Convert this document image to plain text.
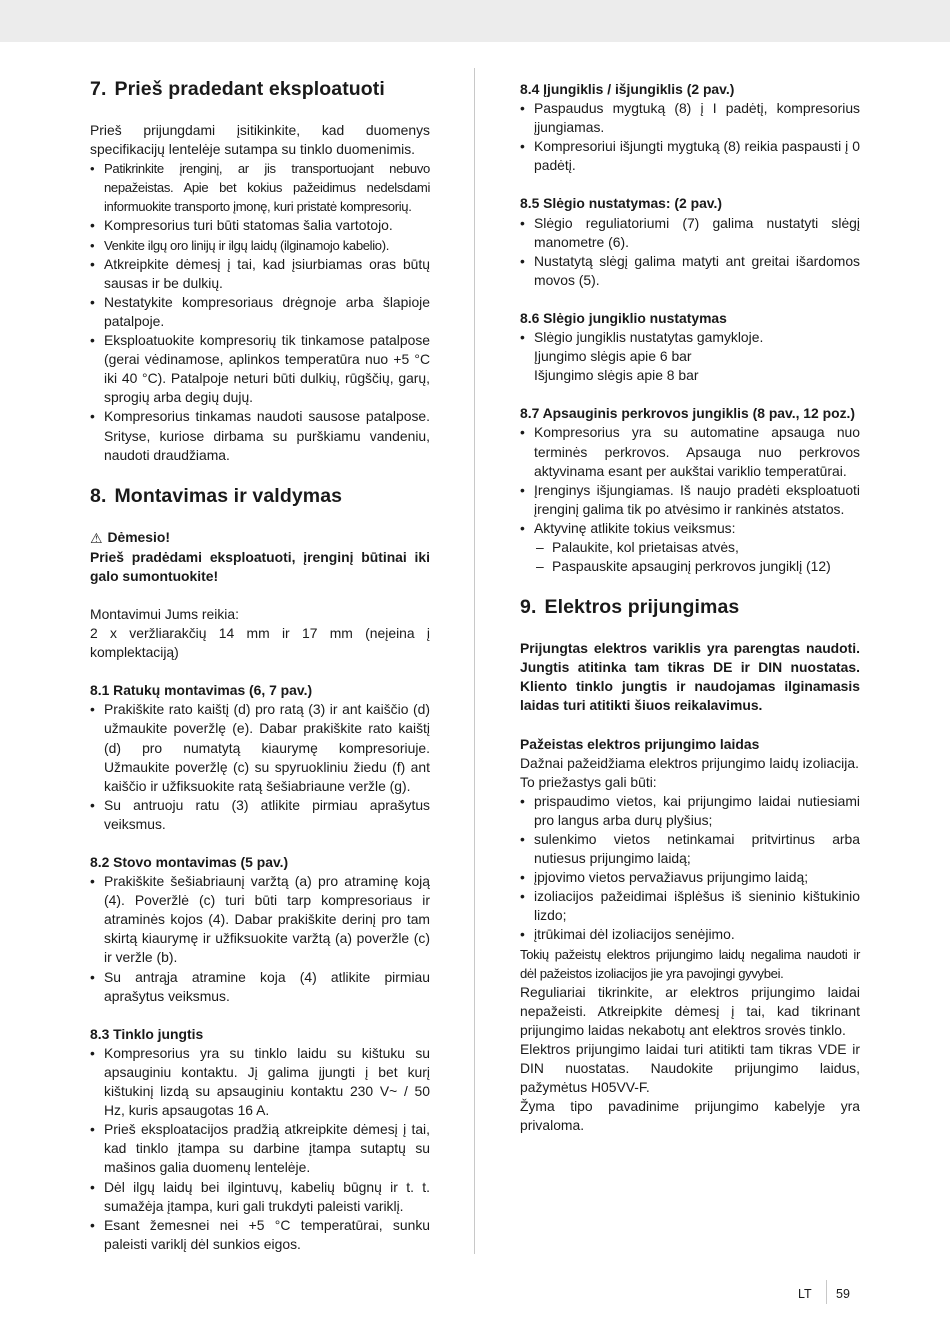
7. Prieš pradedant eksploatuoti

Prieš prijungdami įsitikinkite, kad duomenys specifikacijų lentelėje sutampa su tinklo duomenimis.

• Patikrinkite įrenginį, ar jis transportuojant nebuvo nepažeistas. Apie bet kokius pažeidimus nedelsdami informuokite transporto įmonę, kuri pristatė kompresorių.
• Kompresorius turi būti statomas šalia vartotojo.
• Venkite ilgų oro linijų ir ilgų laidų (ilginamojo kabelio).
• Atkreipkite dėmesį į tai, kad įsiurbiamas oras būtų sausas ir be dulkių.
• Nestatykite kompresoriaus drėgnoje arba šlapioje patalpoje.
• Eksploatuokite kompresorių tik tinkamose patalpose (gerai vėdinamose, aplinkos temperatūra nuo +5 °C iki 40 °C). Patalpoje neturi būti dulkių, rūgščių, garų, sprogių arba degių dujų.
• Kompresorius tinkamas naudoti sausose patalpose. Srityse, kuriose dirbama su purškiamu vandeniu, naudoti draudžiama.
8. Montavimas ir valdymas

⚠ Dėmesio!

Prieš pradėdami eksploatuoti, įrenginį būtinai iki galo sumontuokite!

Montavimui Jums reikia:

2 x veržliarakčių 14 mm ir 17 mm (neįeina į komplektaciją)

8.1 Ratukų montavimas (6, 7 pav.)
• Prakiškite rato kaištį (d) pro ratą (3) ir ant kaiščio (d) užmaukite poveržlę (e). Dabar prakiškite rato kaištį (d) pro numatytą kiaurymę kompresoriuje. Užmaukite poveržlę (c) su spyruokliniu žiedu (f) ant kaiščio ir užfiksuokite ratą šešiabriaune veržle (g).
• Su antruoju ratu (3) atlikite pirmiau aprašytus veiksmus.
8.2 Stovo montavimas (5 pav.)
• Prakiškite šešiabriaunį varžtą (a) pro atraminę koją (4). Poveržlė (c) turi būti tarp kompresoriaus ir atraminės kojos (4). Dabar prakiškite derinį pro tam skirtą kiaurymę ir užfiksuokite varžtą (a) poveržle (c) ir veržle (b).
• Su antrąja atramine koja (4) atlikite pirmiau aprašytus veiksmus.
8.3 Tinklo jungtis
• Kompresorius yra su tinklo laidu su kištuku su apsauginiu kontaktu. Jį galima įjungti į bet kurį kištukinį lizdą su apsauginiu kontaktu 230 V~ / 50 Hz, kuris apsaugotas 16 A.
• Prieš eksploatacijos pradžią atkreipkite dėmesį į tai, kad tinklo įtampa su darbine įtampa sutaptų su mašinos galia duomenų lentelėje.
• Dėl ilgų laidų bei ilgintuvų, kabelių būgnų ir t. t. sumažėja įtampa, kuri gali trukdyti paleisti variklį.
• Esant žemesnei nei +5 °C temperatūrai, sunku paleisti variklį dėl sunkios eigos.
8.4 Įjungiklis / išjungiklis (2 pav.)
• Paspaudus mygtuką (8) į I padėtį, kompresorius įjungiamas.
• Kompresoriui išjungti mygtuką (8) reikia paspausti į 0 padėtį.
8.5 Slėgio nustatymas: (2 pav.)
• Slėgio reguliatoriumi (7) galima nustatyti slėgį manometre (6).
• Nustatytą slėgį galima matyti ant greitai išardomos movos (5).
8.6 Slėgio jungiklio nustatymas
• Slėgio jungiklis nustatytas gamykloje.

Įjungimo slėgis apie 6 bar

Išjungimo slėgis apie 8 bar

8.7 Apsauginis perkrovos jungiklis (8 pav., 12 poz.)
• Kompresorius yra su automatine apsauga nuo terminės perkrovos. Apsauga nuo perkrovos aktyvinama esant per aukštai variklio temperatūrai.
• Įrenginys išjungiamas. Iš naujo pradėti eksploatuoti įrenginį galima tik po atvėsimo ir rankinės atstatos.
• Aktyvinę atlikite tokius veiksmus:
– Palaukite, kol prietaisas atvės,
– Paspauskite apsauginį perkrovos jungiklį (12)
9. Elektros prijungimas

Prijungtas elektros variklis yra parengtas naudoti. Jungtis atitinka tam tikras DE ir DIN nuostatas. Kliento tinklo jungtis ir naudojamas ilginamasis laidas turi atitikti šiuos reikalavimus.

Pažeistas elektros prijungimo laidas

Dažnai pažeidžiama elektros prijungimo laidų izoliacija.

To priežastys gali būti:

• prispaudimo vietos, kai prijungimo laidai nutiesiami pro langus arba durų plyšius;
• sulenkimo vietos netinkamai pritvirtinus arba nutiesus prijungimo laidą;
• įpjovimo vietos pervažiavus prijungimo laidą;
• izoliacijos pažeidimai išplėšus iš sieninio kištukinio lizdo;
• įtrūkimai dėl izoliacijos senėjimo.

Tokių pažeistų elektros prijungimo laidų negalima naudoti ir dėl pažeistos izoliacijos jie yra pavojingi gyvybei.

Reguliariai tikrinkite, ar elektros prijungimo laidai nepažeisti. Atkreipkite dėmesį į tai, kad tikrinant prijungimo laidas nekabotų ant elektros srovės tinklo.

Elektros prijungimo laidai turi atitikti tam tikras VDE ir DIN nuostatas. Naudokite prijungimo laidus, pažymėtus H05VV-F.

Žyma tipo pavadinime prijungimo kabelyje yra privaloma.

LT 59
